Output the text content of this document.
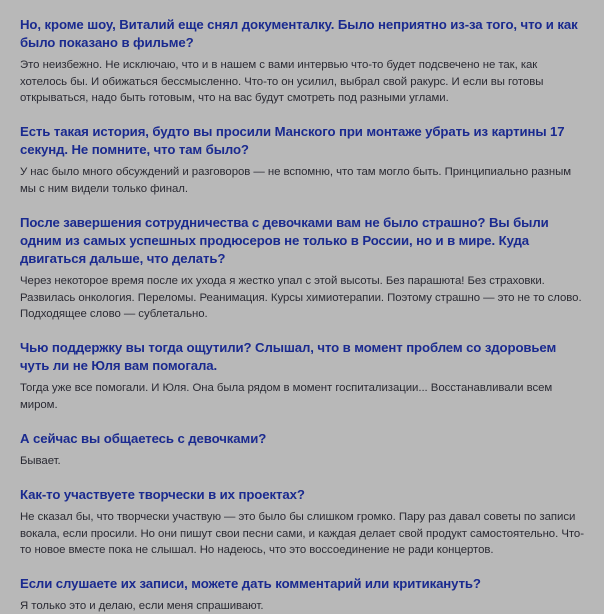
Но, кроме шоу, Виталий еще снял документалку. Было неприятно из-за того, что и как было показано в фильме?

Это неизбежно. Не исключаю, что и в нашем с вами интервью что-то будет подсвечено не так, как хотелось бы. И обижаться бессмысленно. Что-то он усилил, выбрал свой ракурс. И если вы готовы открываться, надо быть готовым, что на вас будут смотреть под разными углами.

Есть такая история, будто вы просили Манского при монтаже убрать из картины 17 секунд. Не помните, что там было?

У нас было много обсуждений и разговоров — не вспомню, что там могло быть. Принципиально разным мы с ним видели только финал.

После завершения сотрудничества с девочками вам не было страшно? Вы были одним из самых успешных продюсеров не только в России, но и в мире. Куда двигаться дальше, что делать?

Через некоторое время после их ухода я жестко упал с этой высоты. Без парашюта! Без страховки. Развилась онкология. Переломы. Реанимация. Курсы химиотерапии. Поэтому страшно — это не то слово. Подходящее слово — сублетально.

Чью поддержку вы тогда ощутили? Слышал, что в момент проблем со здоровьем чуть ли не Юля вам помогала.

Тогда уже все помогали. И Юля. Она была рядом в момент госпитализации... Восстанавливали всем миром.

А сейчас вы общаетесь с девочками?

Бывает.

Как-то участвуете творчески в их проектах?

Не сказал бы, что творчески участвую — это было бы слишком громко. Пару раз давал советы по записи вокала, если просили. Но они пишут свои песни сами, и каждая делает свой продукт самостоятельно. Что-то новое вместе пока не слышал. Но надеюсь, что это воссоединение не ради концертов.

Если слушаете их записи, можете дать комментарий или критикануть?

Я только это и делаю, если меня спрашивают.
